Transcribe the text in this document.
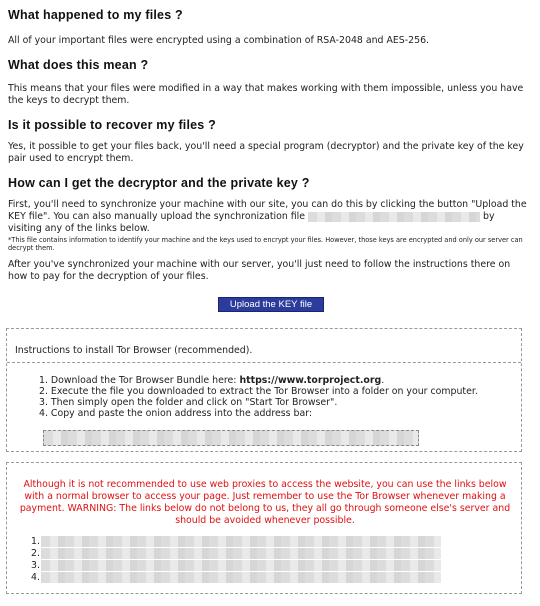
What happened to my files ?

All of your important files were encrypted using a combination of RSA-2048 and AES-256.

What does this mean ?

This means that your files were modified in a way that makes working with them impossible, unless you have the keys to decrypt them.

Is it possible to recover my files ?

Yes, it possible to get your files back, you'll need a special program (decryptor) and the private key of the key pair used to encrypt them.

How can I get the decryptor and the private key ?

First, you'll need to synchronize your machine with our site, you can do this by clicking the button "Upload the KEY file". You can also manually upload the synchronization file	by visiting any of the links below.

*This file contains information to identify your machine and the keys used to encrypt your files. However, those keys are encrypted and only our server can decrypt them.

After you've synchronized your machine with our server, you'll just need to follow the instructions there on how to pay for the decryption of your files.

Upload the KEY file
Instructions to install Tor Browser (recommended).
1. Download the Tor Browser Bundle here: https://www.torproject.org.
2. Execute the file you downloaded to extract the Tor Browser into a folder on your computer.
3. Then simply open the folder and click on "Start Tor Browser".
4. Copy and paste the onion address into the address bar:
Although it is not recommended to use web proxies to access the website, you can use the links below with a normal browser to access your page. Just remember to use the Tor Browser whenever making a payment. WARNING: The links below do not belong to us, they all go through someone else's server and should be avoided whenever possible.
1.
2.
3.
4.
